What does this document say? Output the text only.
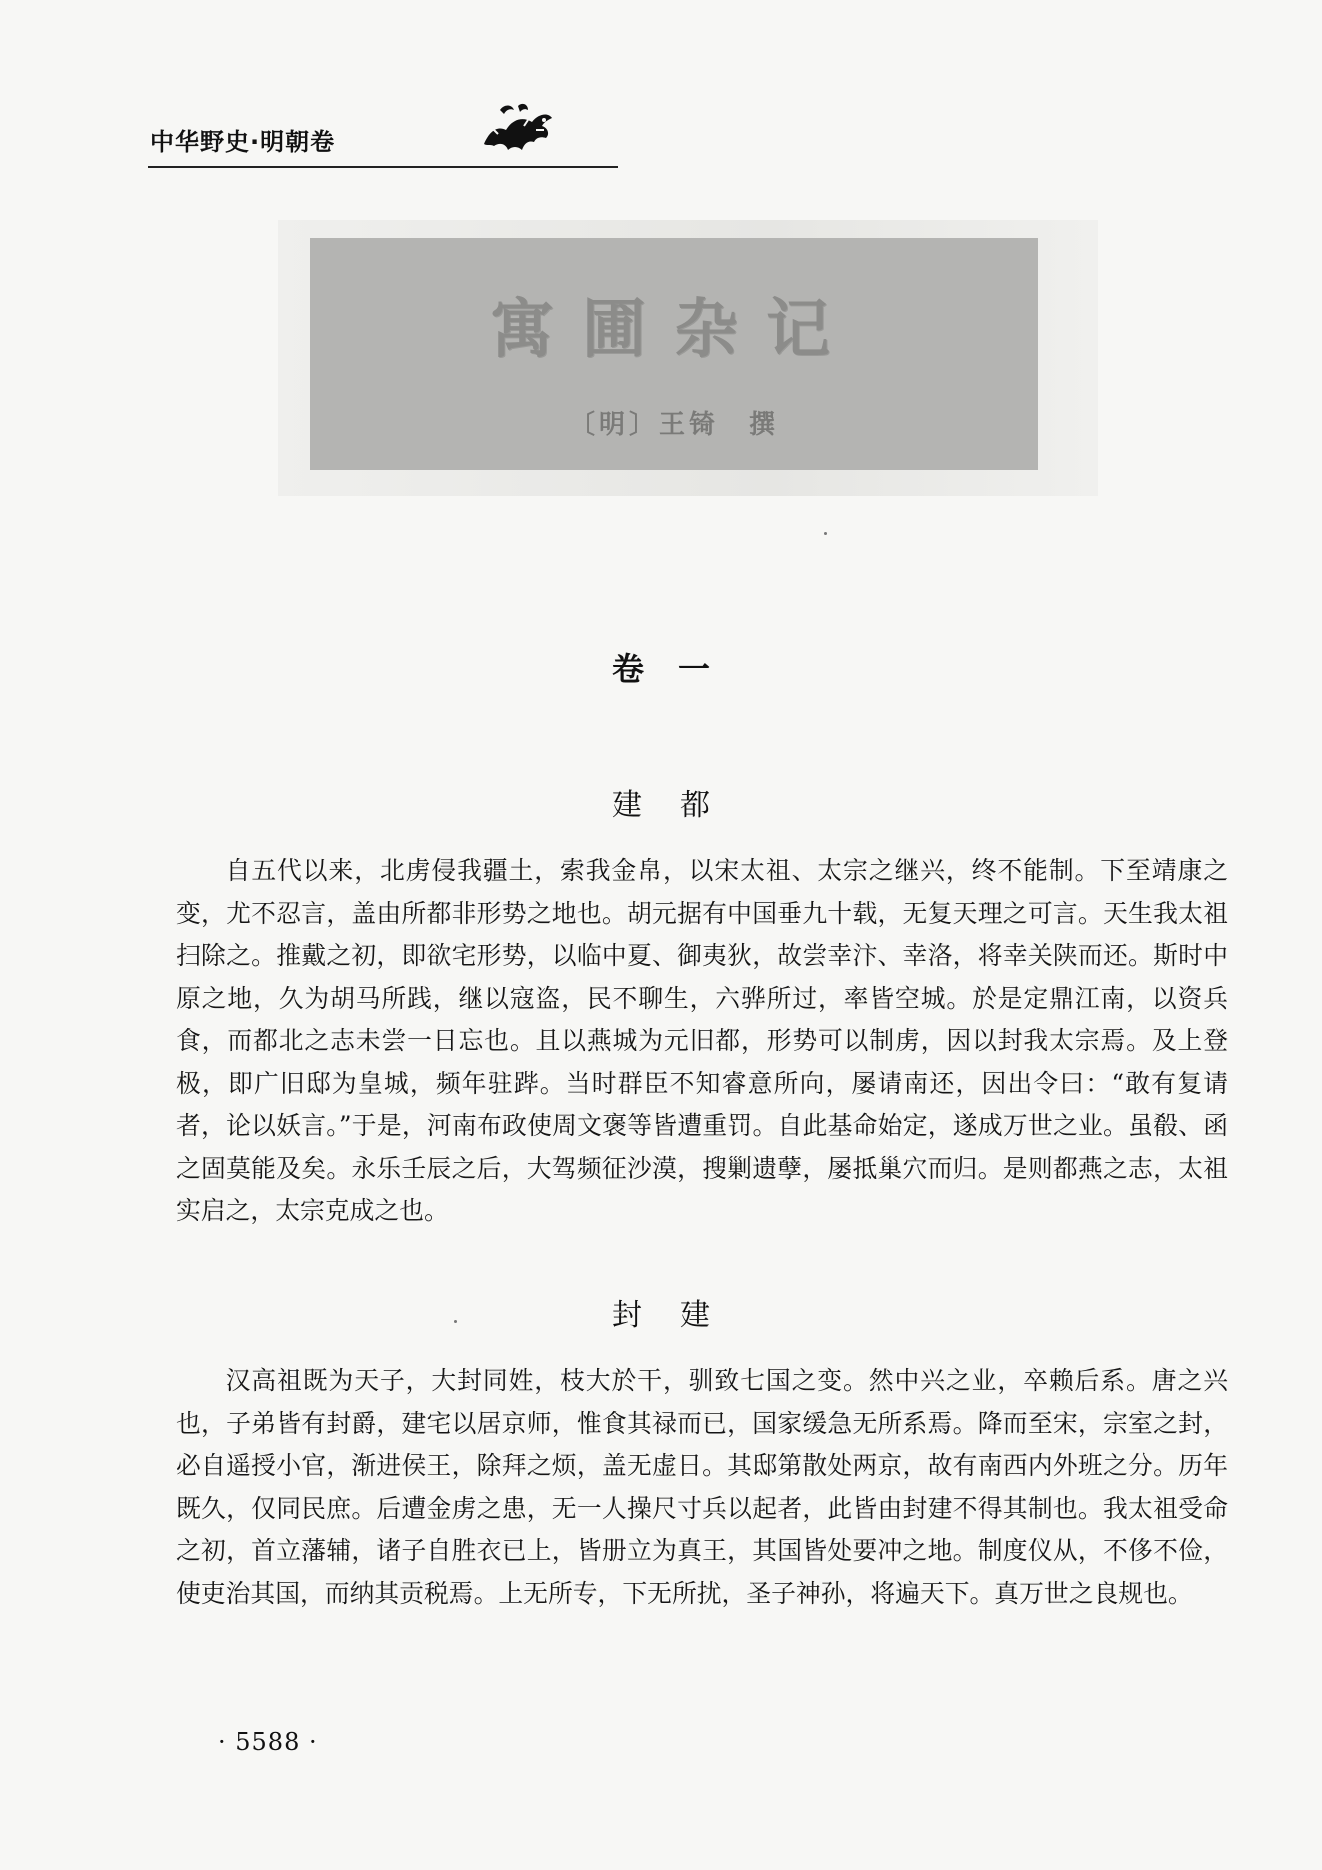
中华野史·明朝卷
寓圃杂记
〔明〕王锜　撰
卷一
建都
自五代以来，北虏侵我疆土，索我金帛，以宋太祖、太宗之继兴，终不能制。下至靖康之变，尤不忍言，盖由所都非形势之地也。胡元据有中国垂九十载，无复天理之可言。天生我太祖扫除之。推戴之初，即欲宅形势，以临中夏、御夷狄，故尝幸汴、幸洛，将幸关陕而还。斯时中原之地，久为胡马所践，继以寇盗，民不聊生，六骅所过，率皆空城。於是定鼎江南，以资兵食，而都北之志未尝一日忘也。且以燕城为元旧都，形势可以制虏，因以封我太宗焉。及上登极，即广旧邸为皇城，频年驻跸。当时群臣不知睿意所向，屡请南还，因出令曰：“敢有复请者，论以妖言。”于是，河南布政使周文褒等皆遭重罚。自此基命始定，遂成万世之业。虽殽、函之固莫能及矣。永乐壬辰之后，大驾频征沙漠，搜剿遗孽，屡抵巢穴而归。是则都燕之志，太祖实启之，太宗克成之也。
封建
汉高祖既为天子，大封同姓，枝大於干，驯致七国之变。然中兴之业，卒赖后系。唐之兴也，子弟皆有封爵，建宅以居京师，惟食其禄而已，国家缓急无所系焉。降而至宋，宗室之封，必自遥授小官，渐进侯王，除拜之烦，盖无虚日。其邸第散处两京，故有南西内外班之分。历年既久，仅同民庶。后遭金虏之患，无一人操尺寸兵以起者，此皆由封建不得其制也。我太祖受命之初，首立藩辅，诸子自胜衣已上，皆册立为真王，其国皆处要冲之地。制度仪从，不侈不俭，使吏治其国，而纳其贡税焉。上无所专，下无所扰，圣子神孙，将遍天下。真万世之良规也。
· 5588 ·
